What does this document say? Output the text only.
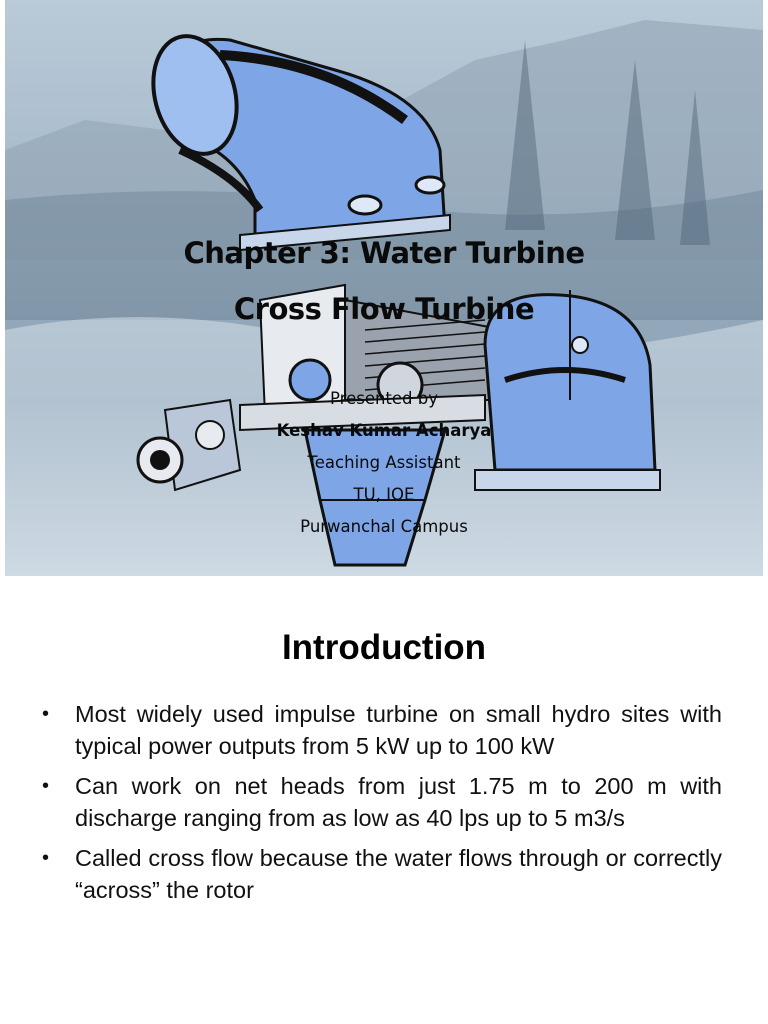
Chapter 3: Water Turbine
Cross Flow Turbine
Presented by
Keshav Kumar Acharya
Teaching Assistant
TU, IOE
Purwanchal Campus
Introduction
• Most widely used impulse turbine on small hydro sites with typical power outputs from 5 kW up to 100 kW
• Can work on net heads from just 1.75 m to 200 m with discharge ranging from as low as 40 lps up to 5 m3/s
• Called cross flow because the water flows through or correctly “across” the rotor
